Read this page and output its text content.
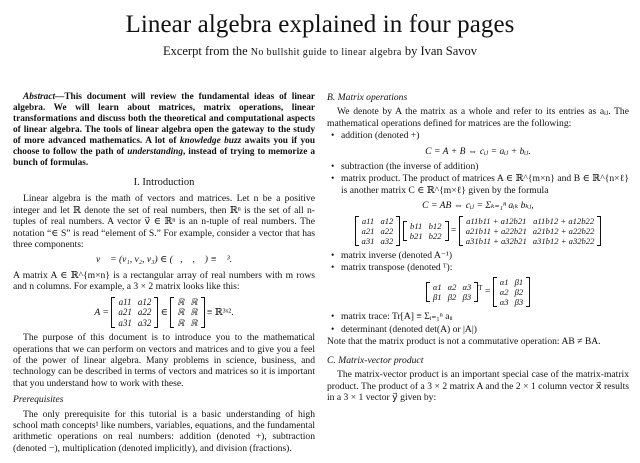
Linear algebra explained in four pages
Excerpt from the No bullshit guide to linear algebra by Ivan Savov

Abstract—This document will review the fundamental ideas of linear algebra. We will learn about matrices, matrix operations, linear transformations and discuss both the theoretical and computational aspects of linear algebra. The tools of linear algebra open the gateway to the study of more advanced mathematics. A lot of knowledge buzz awaits you if you choose to follow the path of understanding, instead of trying to memorize a bunch of formulas.

I. Introduction

Linear algebra is the math of vectors and matrices. Let n be a positive integer and let ℝ denote the set of real numbers, then ℝⁿ is the set of all n-tuples of real numbers. A vector v⃗ ∈ ℝⁿ is an n-tuple of real numbers. The notation “∈ S” is read “element of S.” For example, consider a vector that has three components:

v⃗ = (v₁, v₂, v₃) ∈ (ℝ, ℝ, ℝ) ≡ ℝ³.

A matrix A ∈ ℝ^{m×n} is a rectangular array of real numbers with m rows and n columns. For example, a 3 × 2 matrix looks like this:

A =
a11	a12
a21	a22
a31	a32
∈
ℝ	ℝ
ℝ	ℝ
ℝ	ℝ
≡ ℝ³ˣ².

The purpose of this document is to introduce you to the mathematical operations that we can perform on vectors and matrices and to give you a feel of the power of linear algebra. Many problems in science, business, and technology can be described in terms of vectors and matrices so it is important that you understand how to work with these.

Prerequisites

The only prerequisite for this tutorial is a basic understanding of high school math concepts¹ like numbers, variables, equations, and the fundamental arithmetic operations on real numbers: addition (denoted +), subtraction (denoted −), multiplication (denoted implicitly), and division (fractions).

B. Matrix operations

We denote by A the matrix as a whole and refer to its entries as aᵢⱼ. The mathematical operations defined for matrices are the following:

• addition (denoted +)
C = A + B ⇔ cᵢⱼ = aᵢⱼ + bᵢⱼ.
• subtraction (the inverse of addition)
• matrix product. The product of matrices A ∈ ℝ^{m×n} and B ∈ ℝ^{n×ℓ} is another matrix C ∈ ℝ^{m×ℓ} given by the formula
C = AB ⇔ cᵢⱼ = Σₖ₌₁ⁿ aᵢₖ bₖⱼ,
a11	a12
a21	a22
a31	a32

b11	b12
b21	b22 =
a11b11 + a12b21	a11b12 + a12b22
a21b11 + a22b21	a21b12 + a22b22
a31b11 + a32b21	a31b12 + a32b22
• matrix inverse (denoted A⁻¹)
• matrix transpose (denoted ᵀ):
α1	α2	α3
β1	β2	β3
$^T$ =
α1	β1
α2	β2
α3	β3
• matrix trace: Tr[A] ≡ Σᵢ₌₁ⁿ aᵢᵢ
• determinant (denoted det(A) or |A|)

Note that the matrix product is not a commutative operation: AB ≠ BA.

C. Matrix-vector product

The matrix-vector product is an important special case of the matrix-matrix product. The product of a 3 × 2 matrix A and the 2 × 1 column vector x⃗ results in a 3 × 1 vector y⃗ given by:
